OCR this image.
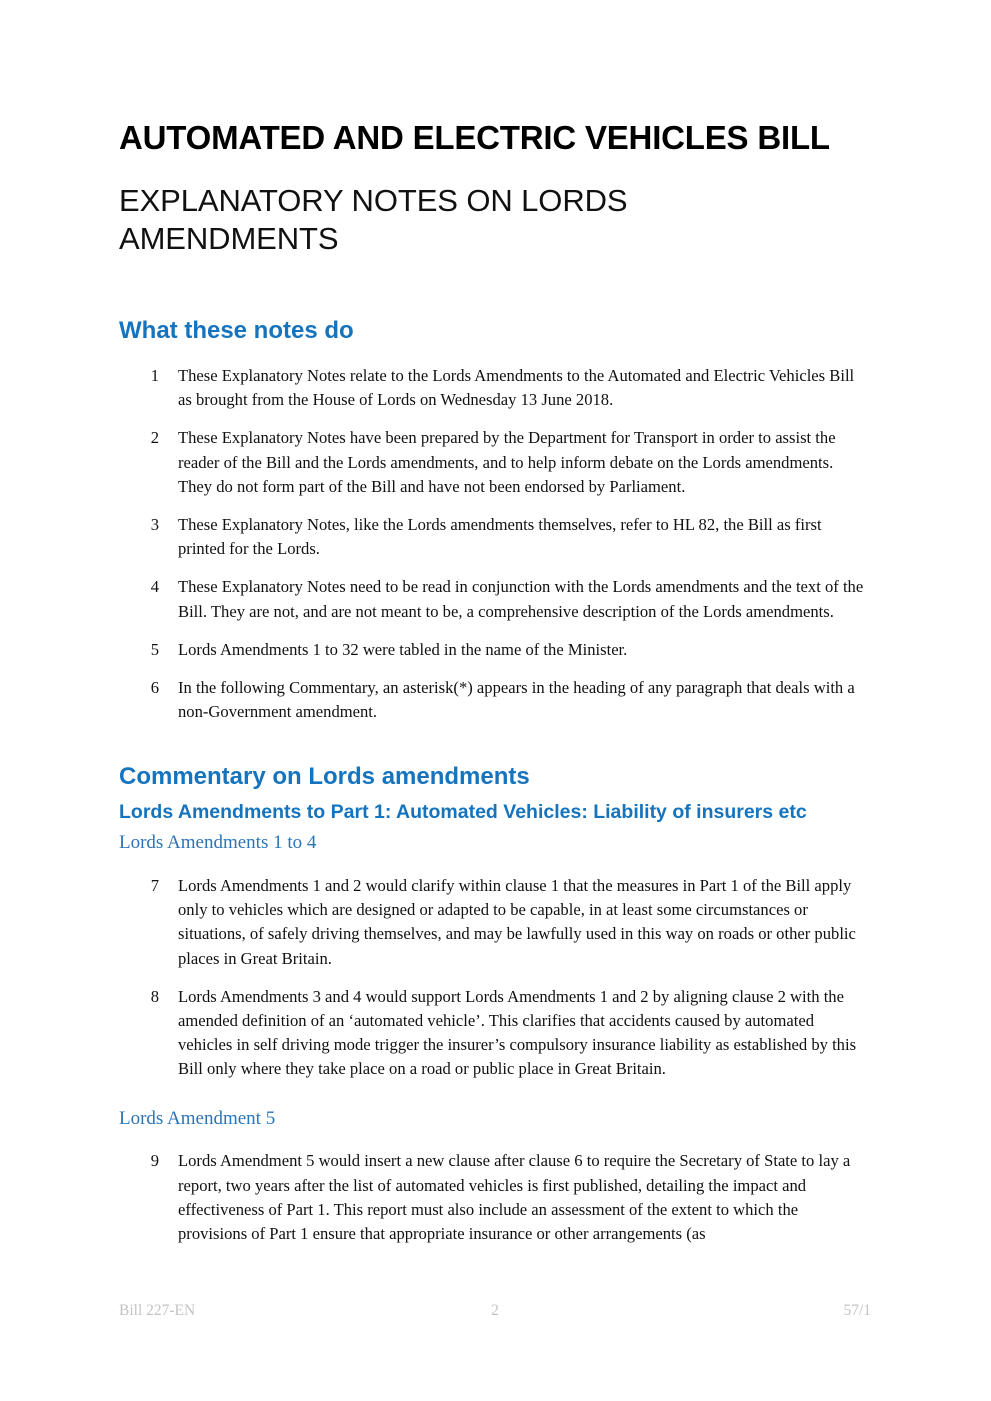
AUTOMATED AND ELECTRIC VEHICLES BILL
EXPLANATORY NOTES ON LORDS AMENDMENTS
What these notes do
1 These Explanatory Notes relate to the Lords Amendments to the Automated and Electric Vehicles Bill as brought from the House of Lords on Wednesday 13 June 2018.
2 These Explanatory Notes have been prepared by the Department for Transport in order to assist the reader of the Bill and the Lords amendments, and to help inform debate on the Lords amendments. They do not form part of the Bill and have not been endorsed by Parliament.
3 These Explanatory Notes, like the Lords amendments themselves, refer to HL 82, the Bill as first printed for the Lords.
4 These Explanatory Notes need to be read in conjunction with the Lords amendments and the text of the Bill. They are not, and are not meant to be, a comprehensive description of the Lords amendments.
5 Lords Amendments 1 to 32 were tabled in the name of the Minister.
6 In the following Commentary, an asterisk(*) appears in the heading of any paragraph that deals with a non-Government amendment.
Commentary on Lords amendments
Lords Amendments to Part 1: Automated Vehicles: Liability of insurers etc
Lords Amendments 1 to 4
7 Lords Amendments 1 and 2 would clarify within clause 1 that the measures in Part 1 of the Bill apply only to vehicles which are designed or adapted to be capable, in at least some circumstances or situations, of safely driving themselves, and may be lawfully used in this way on roads or other public places in Great Britain.
8 Lords Amendments 3 and 4 would support Lords Amendments 1 and 2 by aligning clause 2 with the amended definition of an ‘automated vehicle’. This clarifies that accidents caused by automated vehicles in self driving mode trigger the insurer’s compulsory insurance liability as established by this Bill only where they take place on a road or public place in Great Britain.
Lords Amendment 5
9 Lords Amendment 5 would insert a new clause after clause 6 to require the Secretary of State to lay a report, two years after the list of automated vehicles is first published, detailing the impact and effectiveness of Part 1. This report must also include an assessment of the extent to which the provisions of Part 1 ensure that appropriate insurance or other arrangements (as
Bill 227-EN	2	57/1
